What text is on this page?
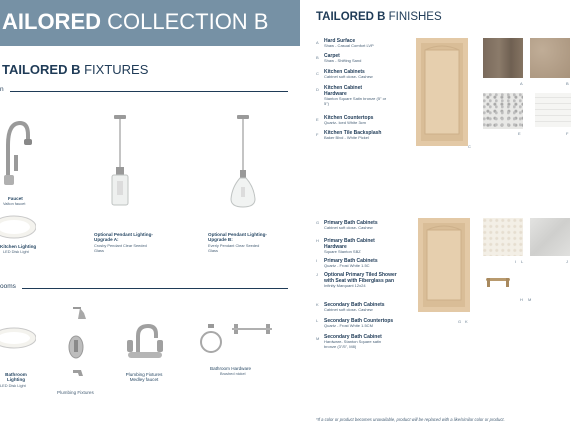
AILORED COLLECTION B
TAILORED B FIXTURES
n
Faucet
Valton faucet
Kitchen Lighting
LED Disk Light
Optional Pendant Lighting- Upgrade A:
Crosby Pendant Clear Seeded Glass
Optional Pendant Lighting- Upgrade B:
Everly Pendant Clear Seeded Glass
ooms
Bathroom Lighting
LED Disk Light
Plumbing Fixtures
Plumbing Fixtures Medley faucet
Bathroom Hardware
Brushed nickel
TAILORED B FINISHES
A Hard Surface
Shaw - Casual Comfort LVP
B Carpet
Shaw - Shifting Sand
C Kitchen Cabinets
Cabinet soft close- Cashew
D Kitchen Cabinet Hardware
Stanton Square Satin bronze (5" or 5")
E Kitchen Countertops
Quartz- Iced White 3cm
F Kitchen Tile Backsplash
Baker Blvd - White Pickel
C
A	B
E	F
G Primary Bath Cabinets
Cabinet soft close- Cashew
H Primary Bath Cabinet Hardware
Square Stanton SBZ
I Primary Bath Cabinets
Quartz - Frost White 1.5C
J Optional Primary Tiled Shower with Seat with Fiberglass pan
Infinity Marquant 12x24
K Secondary Bath Cabinets
Cabinet soft close- Cashew
L Secondary Bath Countertops
Quartz - Frost White 1.5CM
M Secondary Bath Cabinet
Hardware- Stanton Square satin bronze (3"/5", M8)
G K
I L	J
H M
*If a color or product becomes unavailable, product will be replaced with a like/similar color or product.
